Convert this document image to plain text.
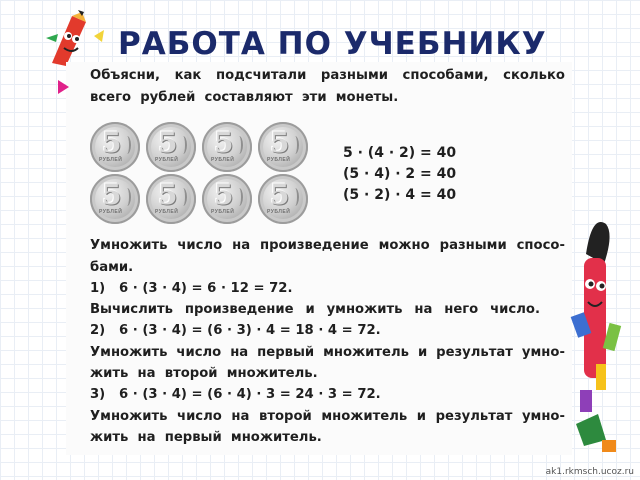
РАБОТА ПО УЧЕБНИКУ
Объясни, как подсчитали разными способами, сколько
всего  рублей  составляют  эти  монеты.
5
РУБЛЕЙ
5
РУБЛЕЙ
5
РУБЛЕЙ
5
РУБЛЕЙ
5
РУБЛЕЙ
5
РУБЛЕЙ
5
РУБЛЕЙ
5
РУБЛЕЙ
5 · (4 · 2) = 40
(5 · 4) · 2 = 40
(5 · 2) · 4 = 40
Умножить число на произведение можно разными спосо-
бами.
1)   6 · (3 · 4) = 6 · 12 = 72.
Вычислить произведение и умножить на него число.
2)   6 · (3 · 4) = (6 · 3) · 4 = 18 · 4 = 72.
Умножить число на первый множитель и результат умно-
жить  на  второй  множитель.
3)   6 · (3 · 4) = (6 · 4) · 3 = 24 · 3 = 72.
Умножить число на второй множитель и результат умно-
жить  на  первый  множитель.
ak1.rkmsch.ucoz.ru
